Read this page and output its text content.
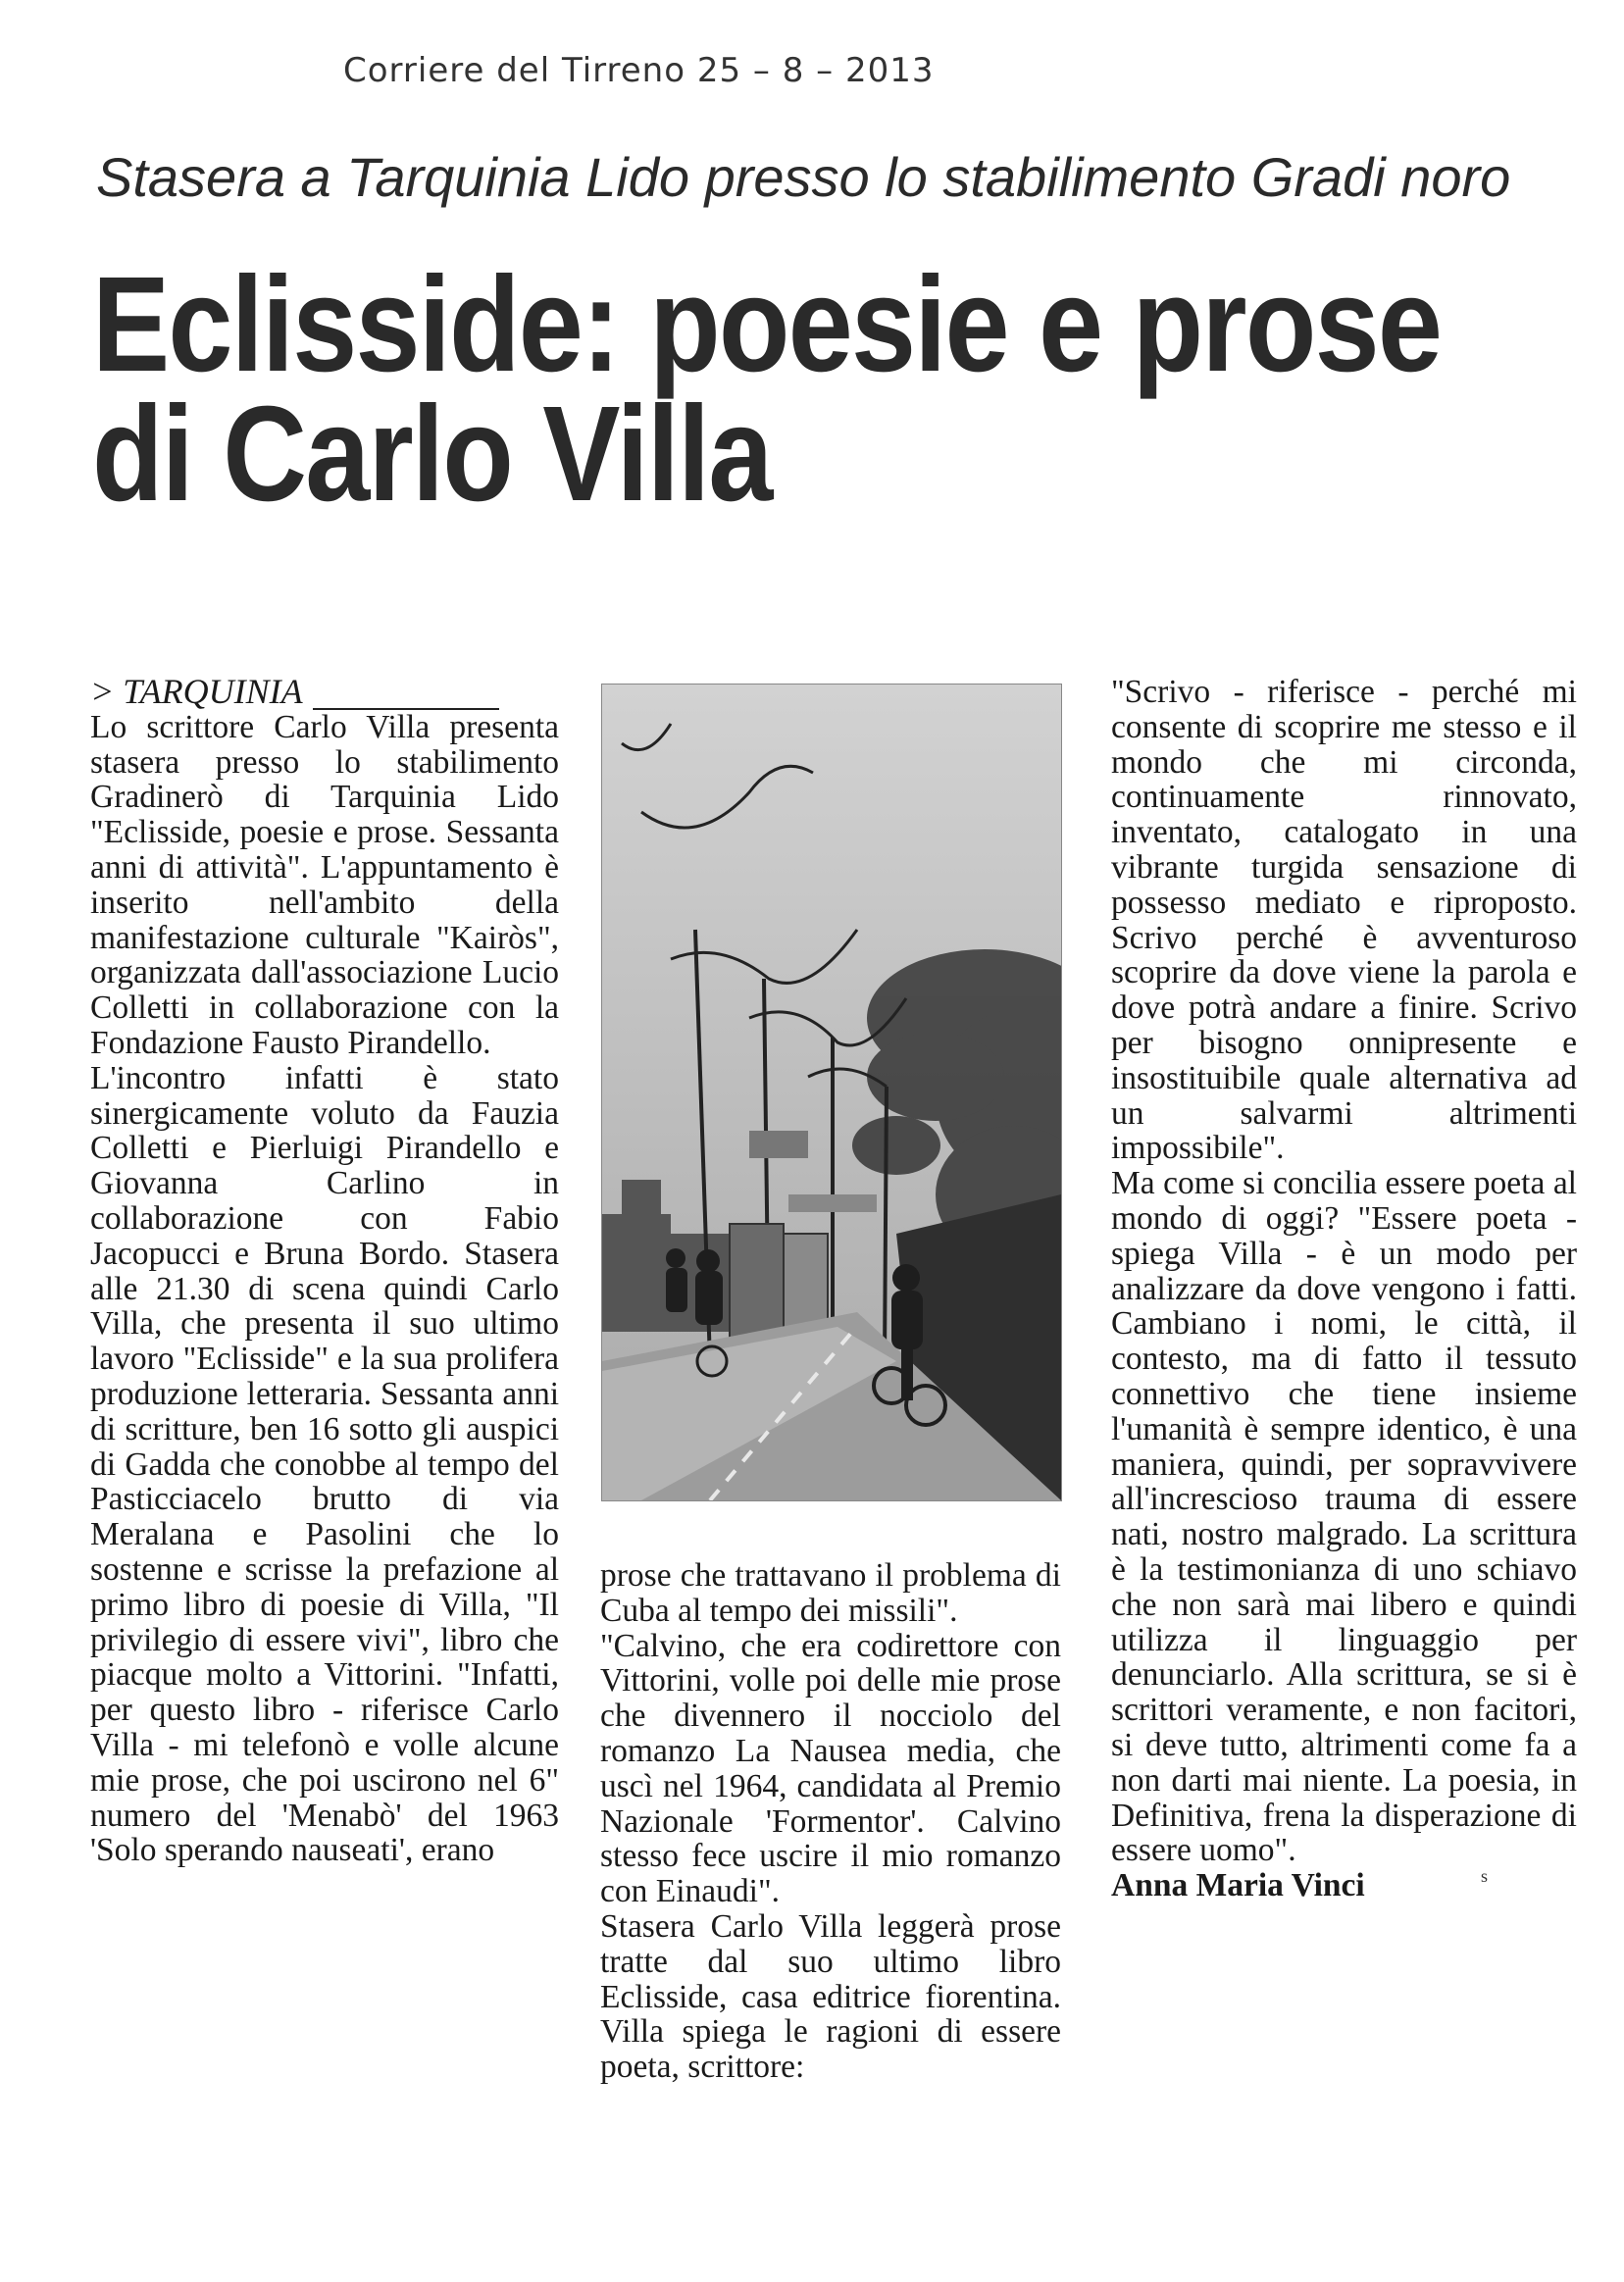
Corriere del Tirreno 25 – 8 – 2013
Stasera a Tarquinia Lido presso lo stabilimento Gradi noro
Eclisside: poesie e prose
di Carlo Villa
> TARQUINIA

Lo scrittore Carlo Villa presenta stasera presso lo stabilimento Gradinerò di Tarquinia Lido "Eclisside, poesie e prose. Sessanta anni di attività". L'appuntamento è inserito nell'ambito della manifestazione culturale "Kairòs", organizzata dall'associazione Lucio Colletti in collaborazione con la Fondazione Fausto Pirandello.

L'incontro infatti è stato sinergicamente voluto da Fauzia Colletti e Pierluigi Pirandello e Giovanna Carlino in collaborazione con Fabio Jacopucci e Bruna Bordo. Stasera alle 21.30 di scena quindi Carlo Villa, che presenta il suo ultimo lavoro "Eclisside" e la sua prolifera produzione letteraria. Sessanta anni di scritture, ben 16 sotto gli auspici di Gadda che conobbe al tempo del Pasticciacelo brutto di via Meralana e Pasolini che lo sostenne e scrisse la prefazione al primo libro di poesie di Villa, "Il privilegio di essere vivi", libro che piacque molto a Vittorini. "Infatti, per questo libro - riferisce Carlo Villa - mi telefonò e volle alcune mie prose, che poi uscirono nel 6" numero del 'Menabò' del 1963 'Solo sperando nauseati', erano

prose che trattavano il problema di Cuba al tempo dei missili".

"Calvino, che era codirettore con Vittorini, volle poi delle mie prose che divennero il nocciolo del romanzo La Nausea media, che uscì nel 1964, candidata al Premio Nazionale 'Formentor'. Calvino stesso fece uscire il mio romanzo con Einaudi".

Stasera Carlo Villa leggerà prose tratte dal suo ultimo libro Eclisside, casa editrice fiorentina. Villa spiega le ragioni di essere poeta, scrittore:

"Scrivo - riferisce - perché mi consente di scoprire me stesso e il mondo che mi circonda, continuamente rinnovato, inventato, catalogato in una vibrante turgida sensazione di possesso mediato e riproposto. Scrivo perché è avventuroso scoprire da dove viene la parola e dove potrà andare a finire. Scrivo per bisogno onnipresente e insostituibile quale alternativa ad un salvarmi altrimenti impossibile".

Ma come si concilia essere poeta al mondo di oggi? "Essere poeta - spiega Villa - è un modo per analizzare da dove vengono i fatti. Cambiano i nomi, le città, il contesto, ma di fatto il tessuto connettivo che tiene insieme l'umanità è sempre identico, è una maniera, quindi, per sopravvivere all'increscioso trauma di essere nati, nostro malgrado. La scrittura è la testimonianza di uno schiavo che non sarà mai libero e quindi utilizza il linguaggio per denunciarlo. Alla scrittura, se si è scrittori veramente, e non facitori, si deve tutto, altrimenti come fa a non darti mai niente. La poesia, in Definitiva, frena la disperazione di essere uomo".

Anna Maria Vinci	s
